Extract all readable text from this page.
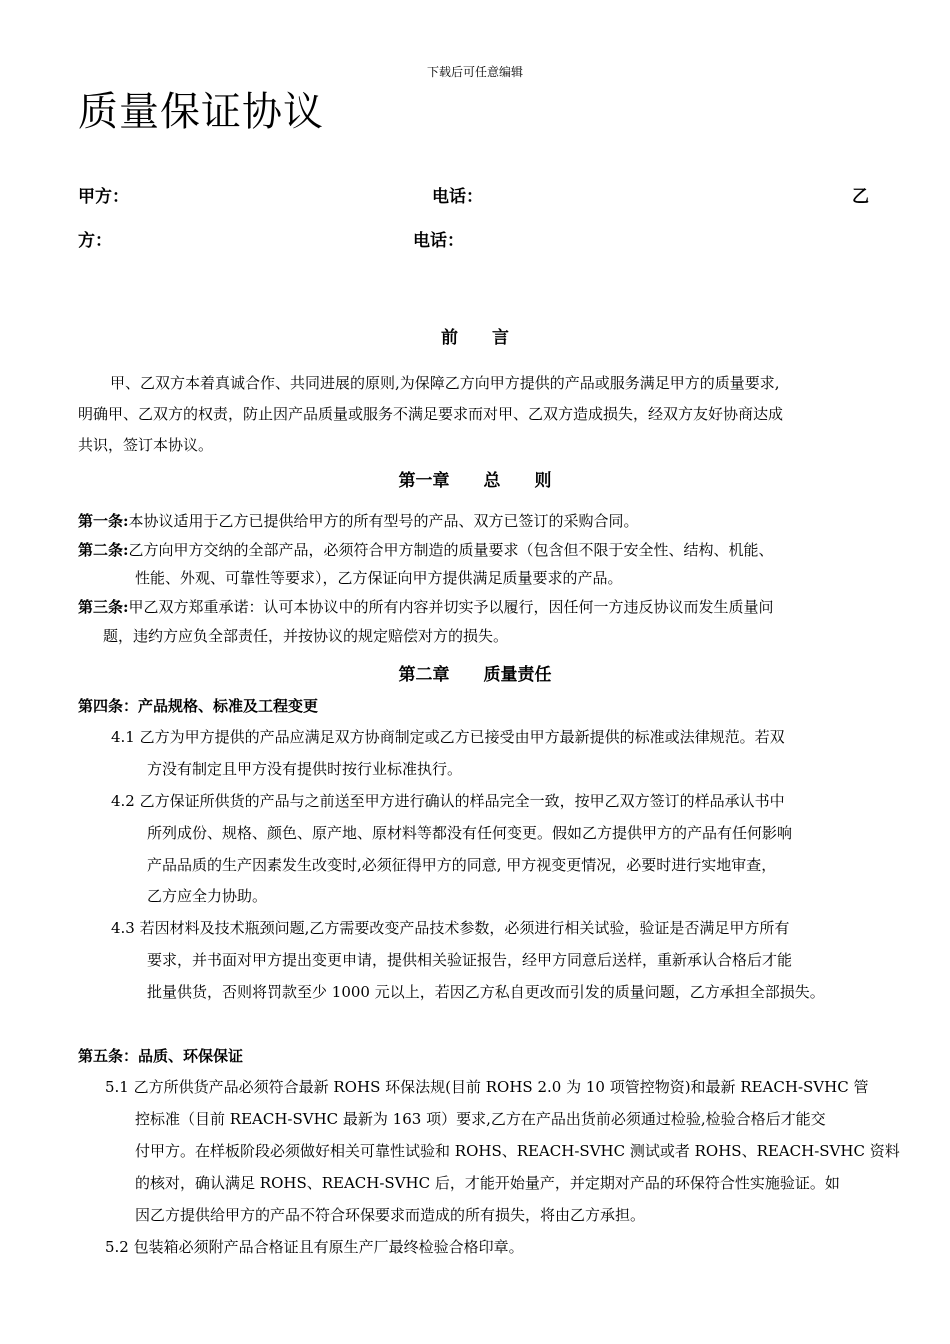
下载后可任意编辑
质量保证协议
甲方：	电话：	乙
方：	电话：
前　　言
甲、乙双方本着真诚合作、共同进展的原则,为保障乙方向甲方提供的产品或服务满足甲方的质量要求,
明确甲、乙双方的权责，防止因产品质量或服务不满足要求而对甲、乙双方造成损失，经双方友好协商达成
共识，签订本协议。
第一章　　总　　则
第一条:本协议适用于乙方已提供给甲方的所有型号的产品、双方已签订的采购合同。
第二条:乙方向甲方交纳的全部产品，必须符合甲方制造的质量要求（包含但不限于安全性、结构、机能、
性能、外观、可靠性等要求），乙方保证向甲方提供满足质量要求的产品。
第三条:甲乙双方郑重承诺：认可本协议中的所有内容并切实予以履行，因任何一方违反协议而发生质量问
题，违约方应负全部责任，并按协议的规定赔偿对方的损失。
第二章　　质量责任
第四条：产品规格、标准及工程变更
4.1 乙方为甲方提供的产品应满足双方协商制定或乙方已接受由甲方最新提供的标准或法律规范。若双
方没有制定且甲方没有提供时按行业标准执行。
4.2 乙方保证所供货的产品与之前送至甲方进行确认的样品完全一致，按甲乙双方签订的样品承认书中
所列成份、规格、颜色、原产地、原材料等都没有任何变更。假如乙方提供甲方的产品有任何影响
产品品质的生产因素发生改变时,必须征得甲方的同意, 甲方视变更情况，必要时进行实地审查，
乙方应全力协助。
4.3 若因材料及技术瓶颈问题,乙方需要改变产品技术参数，必须进行相关试验，验证是否满足甲方所有
要求，并书面对甲方提出变更申请，提供相关验证报告，经甲方同意后送样，重新承认合格后才能
批量供货，否则将罚款至少 1000 元以上，若因乙方私自更改而引发的质量问题，乙方承担全部损失。
第五条：品质、环保保证
5.1 乙方所供货产品必须符合最新 ROHS 环保法规(目前 ROHS 2.0 为 10 项管控物资)和最新 REACH-SVHC 管
控标准（目前 REACH-SVHC 最新为 163 项）要求,乙方在产品出货前必须通过检验,检验合格后才能交
付甲方。在样板阶段必须做好相关可靠性试验和 ROHS、REACH-SVHC 测试或者 ROHS、REACH-SVHC 资料
的核对，确认满足 ROHS、REACH-SVHC 后，才能开始量产，并定期对产品的环保符合性实施验证。如
因乙方提供给甲方的产品不符合环保要求而造成的所有损失，将由乙方承担。
5.2 包装箱必须附产品合格证且有原生产厂最终检验合格印章。
